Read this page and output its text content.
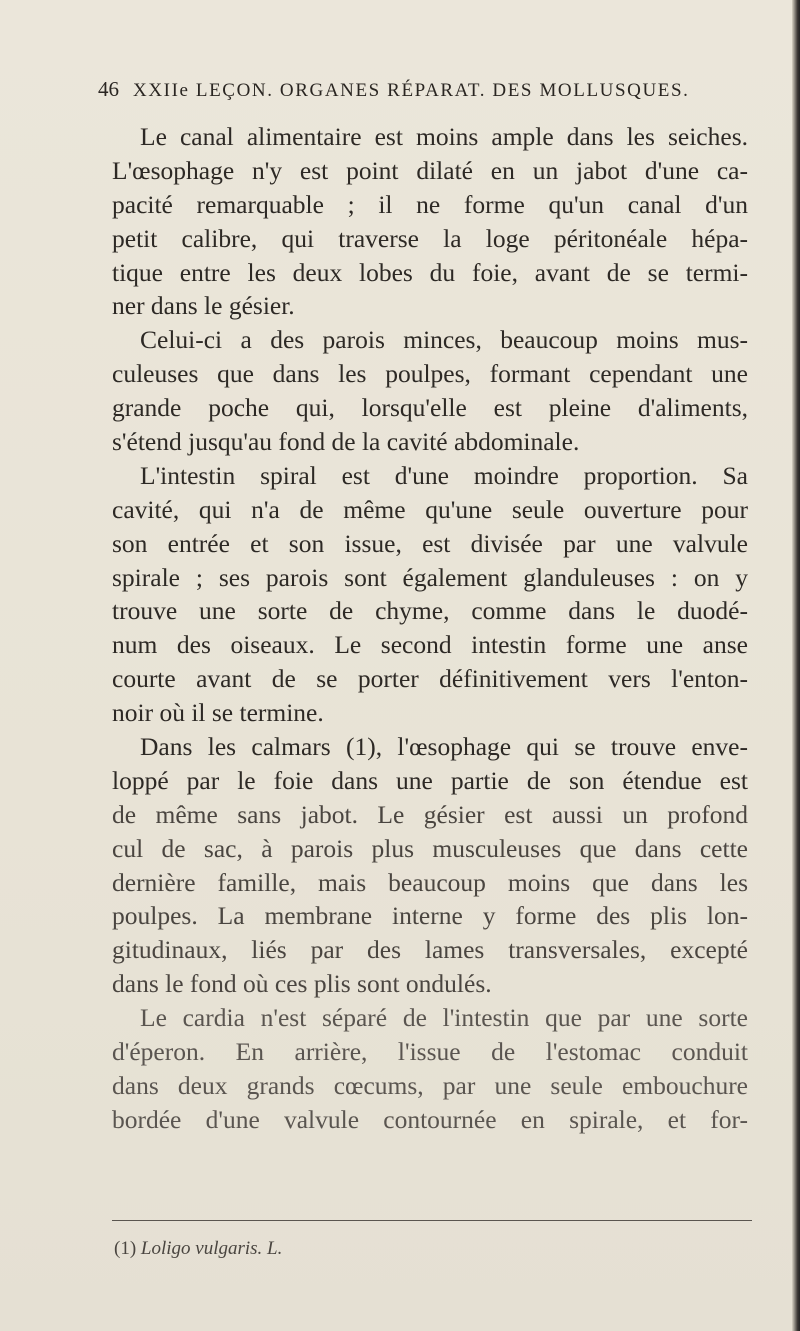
46 XXIIe LEÇON. ORGANES RÉPARAT. DES MOLLUSQUES.
Le canal alimentaire est moins ample dans les seiches.
L'œsophage n'y est point dilaté en un jabot d'une ca-
pacité remarquable ; il ne forme qu'un canal d'un
petit calibre, qui traverse la loge péritonéale hépa-
tique entre les deux lobes du foie, avant de se termi-
ner dans le gésier.
Celui-ci a des parois minces, beaucoup moins mus-
culeuses que dans les poulpes, formant cependant une
grande poche qui, lorsqu'elle est pleine d'aliments,
s'étend jusqu'au fond de la cavité abdominale.
L'intestin spiral est d'une moindre proportion. Sa
cavité, qui n'a de même qu'une seule ouverture pour
son entrée et son issue, est divisée par une valvule
spirale ; ses parois sont également glanduleuses : on y
trouve une sorte de chyme, comme dans le duodé-
num des oiseaux. Le second intestin forme une anse
courte avant de se porter définitivement vers l'enton-
noir où il se termine.
Dans les calmars (1), l'œsophage qui se trouve enve-
loppé par le foie dans une partie de son étendue est
de même sans jabot. Le gésier est aussi un profond
cul de sac, à parois plus musculeuses que dans cette
dernière famille, mais beaucoup moins que dans les
poulpes. La membrane interne y forme des plis lon-
gitudinaux, liés par des lames transversales, excepté
dans le fond où ces plis sont ondulés.
Le cardia n'est séparé de l'intestin que par une sorte
d'éperon. En arrière, l'issue de l'estomac conduit
dans deux grands cœcums, par une seule embouchure
bordée d'une valvule contournée en spirale, et for-
(1) Loligo vulgaris. L.
